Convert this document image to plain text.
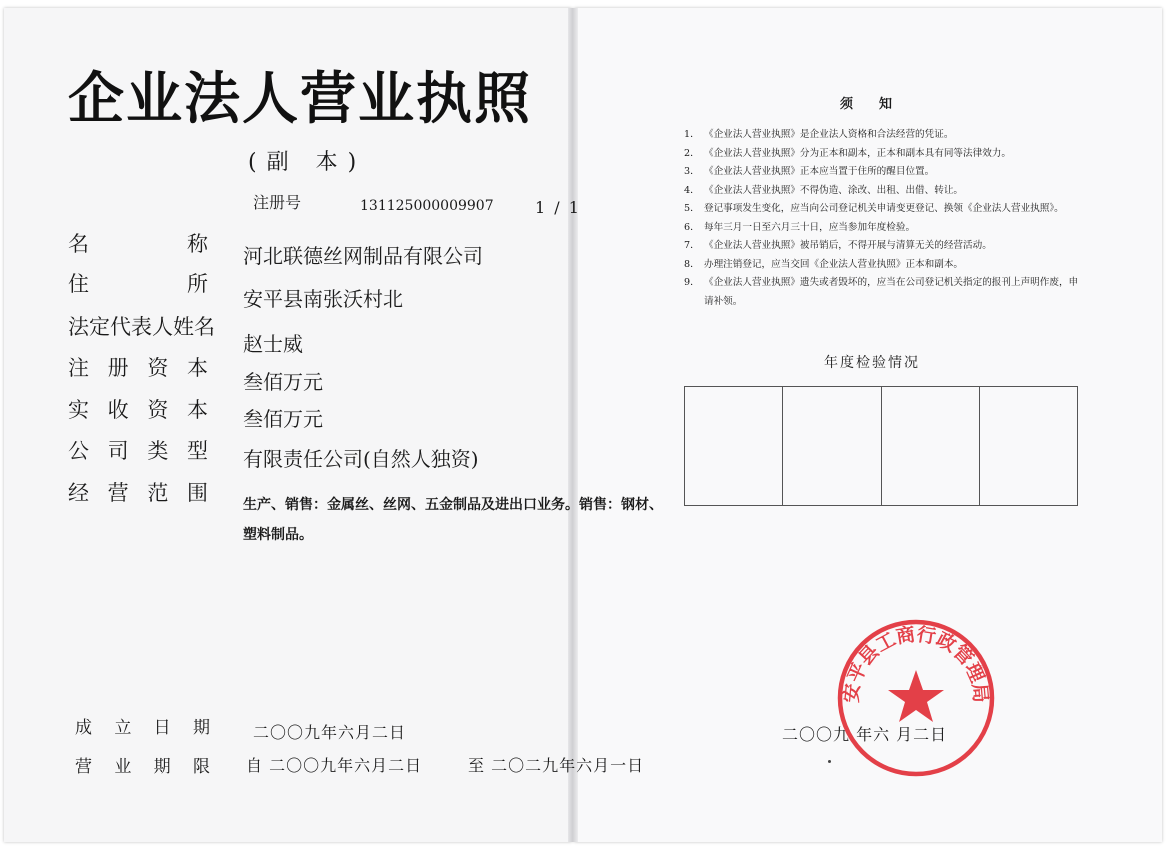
企业法人营业执照
(副 本)
注册号	131125000009907	1 / 1
名	称 河北联德丝网制品有限公司
住	所
安平县南张沃村北
法定代表人姓名
赵士威
注 册 资 本
叁佰万元
实 收 资 本 叁佰万元
公 司 类 型 有限责任公司(自然人独资)
经 营 范 围	生产、销售：金属丝、丝网、五金制品及进出口业务。销售：钢材、塑料制品。
成 立 日 期	二〇〇九年六月二日
营 业 期 限 自 二〇〇九年六月二日	至 二〇二九年六月一日
须知
1． 《企业法人营业执照》是企业法人资格和合法经营的凭证。
2． 《企业法人营业执照》分为正本和副本，正本和副本具有同等法律效力。
3． 《企业法人营业执照》正本应当置于住所的醒目位置。
4． 《企业法人营业执照》不得伪造、涂改、出租、出借、转让。
5． 登记事项发生变化，应当向公司登记机关申请变更登记、换领《企业法人营业执照》。
6． 每年三月一日至六月三十日，应当参加年度检验。
7． 《企业法人营业执照》被吊销后，不得开展与清算无关的经营活动。
8． 办理注销登记，应当交回《企业法人营业执照》正本和副本。
9． 《企业法人营业执照》遗失或者毁坏的，应当在公司登记机关指定的报刊上声明作废，申请补领。
年度检验情况
二〇〇九 年六 月二日
安平县工商行政管理局
